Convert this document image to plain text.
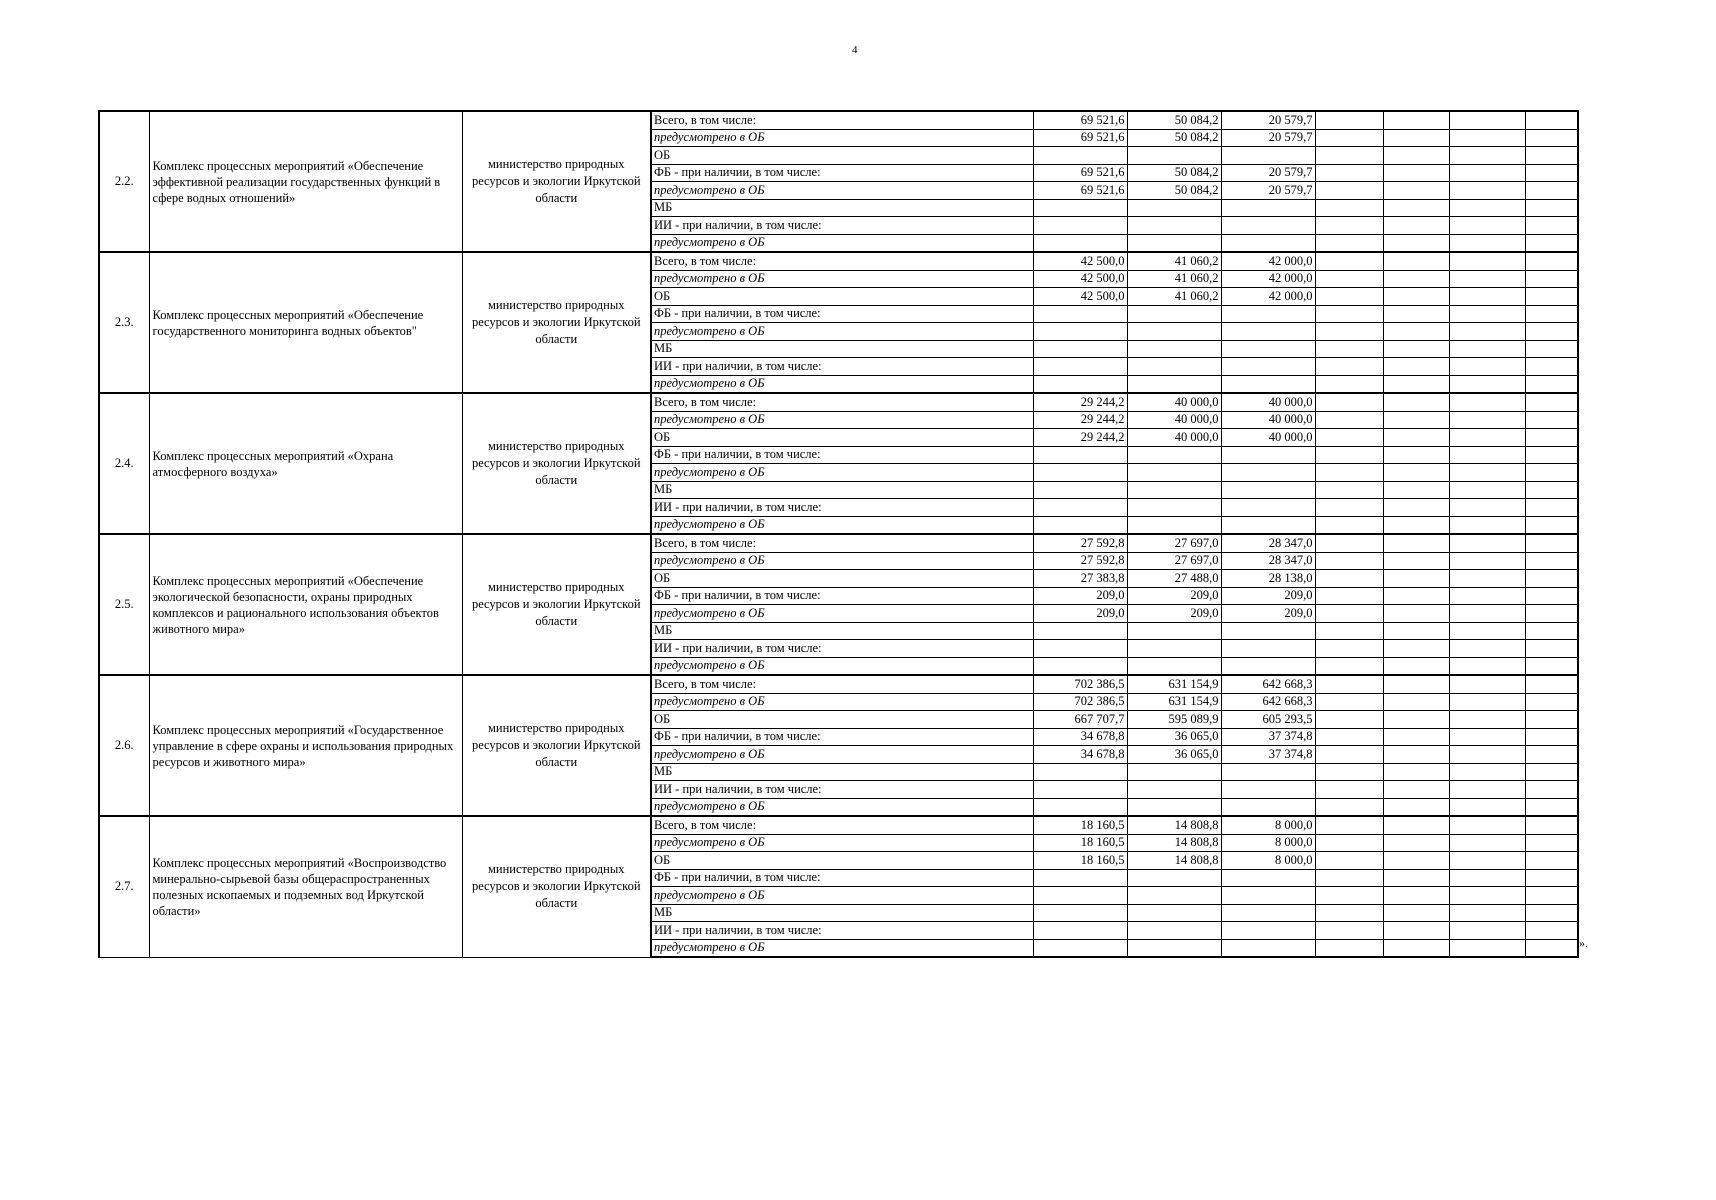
4
2.2.	Комплекс процессных мероприятий «Обеспечение эффективной реализации государственных функций в сфере водных отношений»	министерство природных ресурсов и экологии Иркутской области	Всего, в том числе:	69 521,6	50 084,2	20 579,7				
			предусмотрено в ОБ	69 521,6	50 084,2	20 579,7				
			ОБ							
			ФБ - при наличии, в том числе:	69 521,6	50 084,2	20 579,7				
			предусмотрено в ОБ	69 521,6	50 084,2	20 579,7				
			МБ							
			ИИ - при наличии, в том числе:							
			предусмотрено в ОБ							
2.3.	Комплекс процессных мероприятий «Обеспечение государственного мониторинга водных объектов"	министерство природных ресурсов и экологии Иркутской области	Всего, в том числе:	42 500,0	41 060,2	42 000,0				
			предусмотрено в ОБ	42 500,0	41 060,2	42 000,0				
			ОБ	42 500,0	41 060,2	42 000,0				
			ФБ - при наличии, в том числе:							
			предусмотрено в ОБ							
			МБ							
			ИИ - при наличии, в том числе:							
			предусмотрено в ОБ							
2.4.	Комплекс процессных мероприятий «Охрана атмосферного воздуха»	министерство природных ресурсов и экологии Иркутской области	Всего, в том числе:	29 244,2	40 000,0	40 000,0				
			предусмотрено в ОБ	29 244,2	40 000,0	40 000,0				
			ОБ	29 244,2	40 000,0	40 000,0				
			ФБ - при наличии, в том числе:							
			предусмотрено в ОБ							
			МБ							
			ИИ - при наличии, в том числе:							
			предусмотрено в ОБ							
2.5.	Комплекс процессных мероприятий «Обеспечение экологической безопасности, охраны природных комплексов и рационального использования объектов животного мира»	министерство природных ресурсов и экологии Иркутской области	Всего, в том числе:	27 592,8	27 697,0	28 347,0				
			предусмотрено в ОБ	27 592,8	27 697,0	28 347,0				
			ОБ	27 383,8	27 488,0	28 138,0				
			ФБ - при наличии, в том числе:	209,0	209,0	209,0				
			предусмотрено в ОБ	209,0	209,0	209,0				
			МБ							
			ИИ - при наличии, в том числе:							
			предусмотрено в ОБ							
2.6.	Комплекс процессных мероприятий «Государственное управление в сфере охраны и использования природных ресурсов и животного мира»	министерство природных ресурсов и экологии Иркутской области	Всего, в том числе:	702 386,5	631 154,9	642 668,3				
			предусмотрено в ОБ	702 386,5	631 154,9	642 668,3				
			ОБ	667 707,7	595 089,9	605 293,5				
			ФБ - при наличии, в том числе:	34 678,8	36 065,0	37 374,8				
			предусмотрено в ОБ	34 678,8	36 065,0	37 374,8				
			МБ							
			ИИ - при наличии, в том числе:							
			предусмотрено в ОБ							
2.7.	Комплекс процессных мероприятий «Воспроизводство минерально-сырьевой базы общераспространенных полезных ископаемых и подземных вод Иркутской области»	министерство природных ресурсов и экологии Иркутской области	Всего, в том числе:	18 160,5	14 808,8	8 000,0				
			предусмотрено в ОБ	18 160,5	14 808,8	8 000,0				
			ОБ	18 160,5	14 808,8	8 000,0				
			ФБ - при наличии, в том числе:							
			предусмотрено в ОБ							
			МБ							
			ИИ - при наличии, в том числе:							
			предусмотрено в ОБ								».
